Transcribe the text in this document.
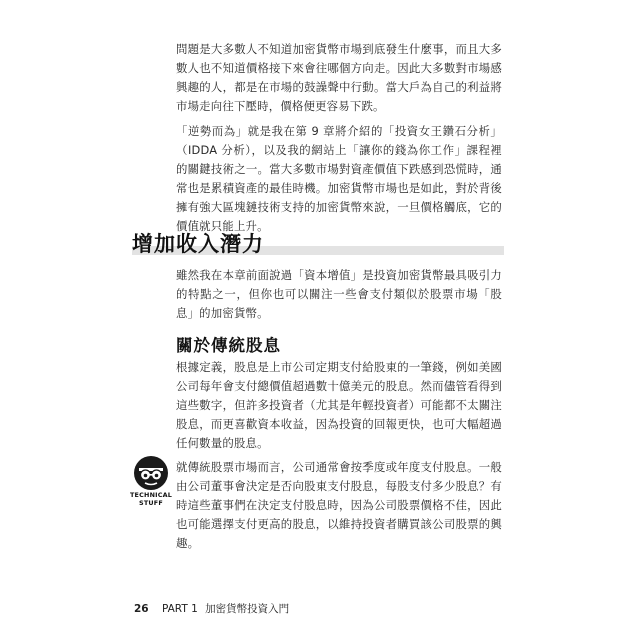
問題是大多數人不知道加密貨幣市場到底發生什麼事，而且大多數人也不知道價格接下來會往哪個方向走。因此大多數對市場感興趣的人，都是在市場的鼓譟聲中行動。當大戶為自己的利益將市場走向往下壓時，價格便更容易下跌。

「逆勢而為」就是我在第 9 章將介紹的「投資女王鑽石分析」（IDDA 分析），以及我的網站上「讓你的錢為你工作」課程裡的關鍵技術之一。當大多數市場對資產價值下跌感到恐慌時，通常也是累積資產的最佳時機。加密貨幣市場也是如此，對於背後擁有強大區塊鏈技術支持的加密貨幣來說，一旦價格觸底，它的價值就只能上升。

增加收入潛力

雖然我在本章前面說過「資本增值」是投資加密貨幣最具吸引力的特點之一，但你也可以關注一些會支付類似於股票市場「股息」的加密貨幣。

關於傳統股息

根據定義，股息是上市公司定期支付給股東的一筆錢，例如美國公司每年會支付總價值超過數十億美元的股息。然而儘管看得到這些數字，但許多投資者（尤其是年輕投資者）可能都不太關注股息，而更喜歡資本收益，因為投資的回報更快，也可大幅超過任何數量的股息。

TECHNICAL
STUFF

就傳統股票市場而言，公司通常會按季度或年度支付股息。一般由公司董事會決定是否向股東支付股息，每股支付多少股息？有時這些董事們在決定支付股息時，因為公司股票價格不佳，因此也可能選擇支付更高的股息，以維持投資者購買該公司股票的興趣。

26 PART 1 加密貨幣投資入門
